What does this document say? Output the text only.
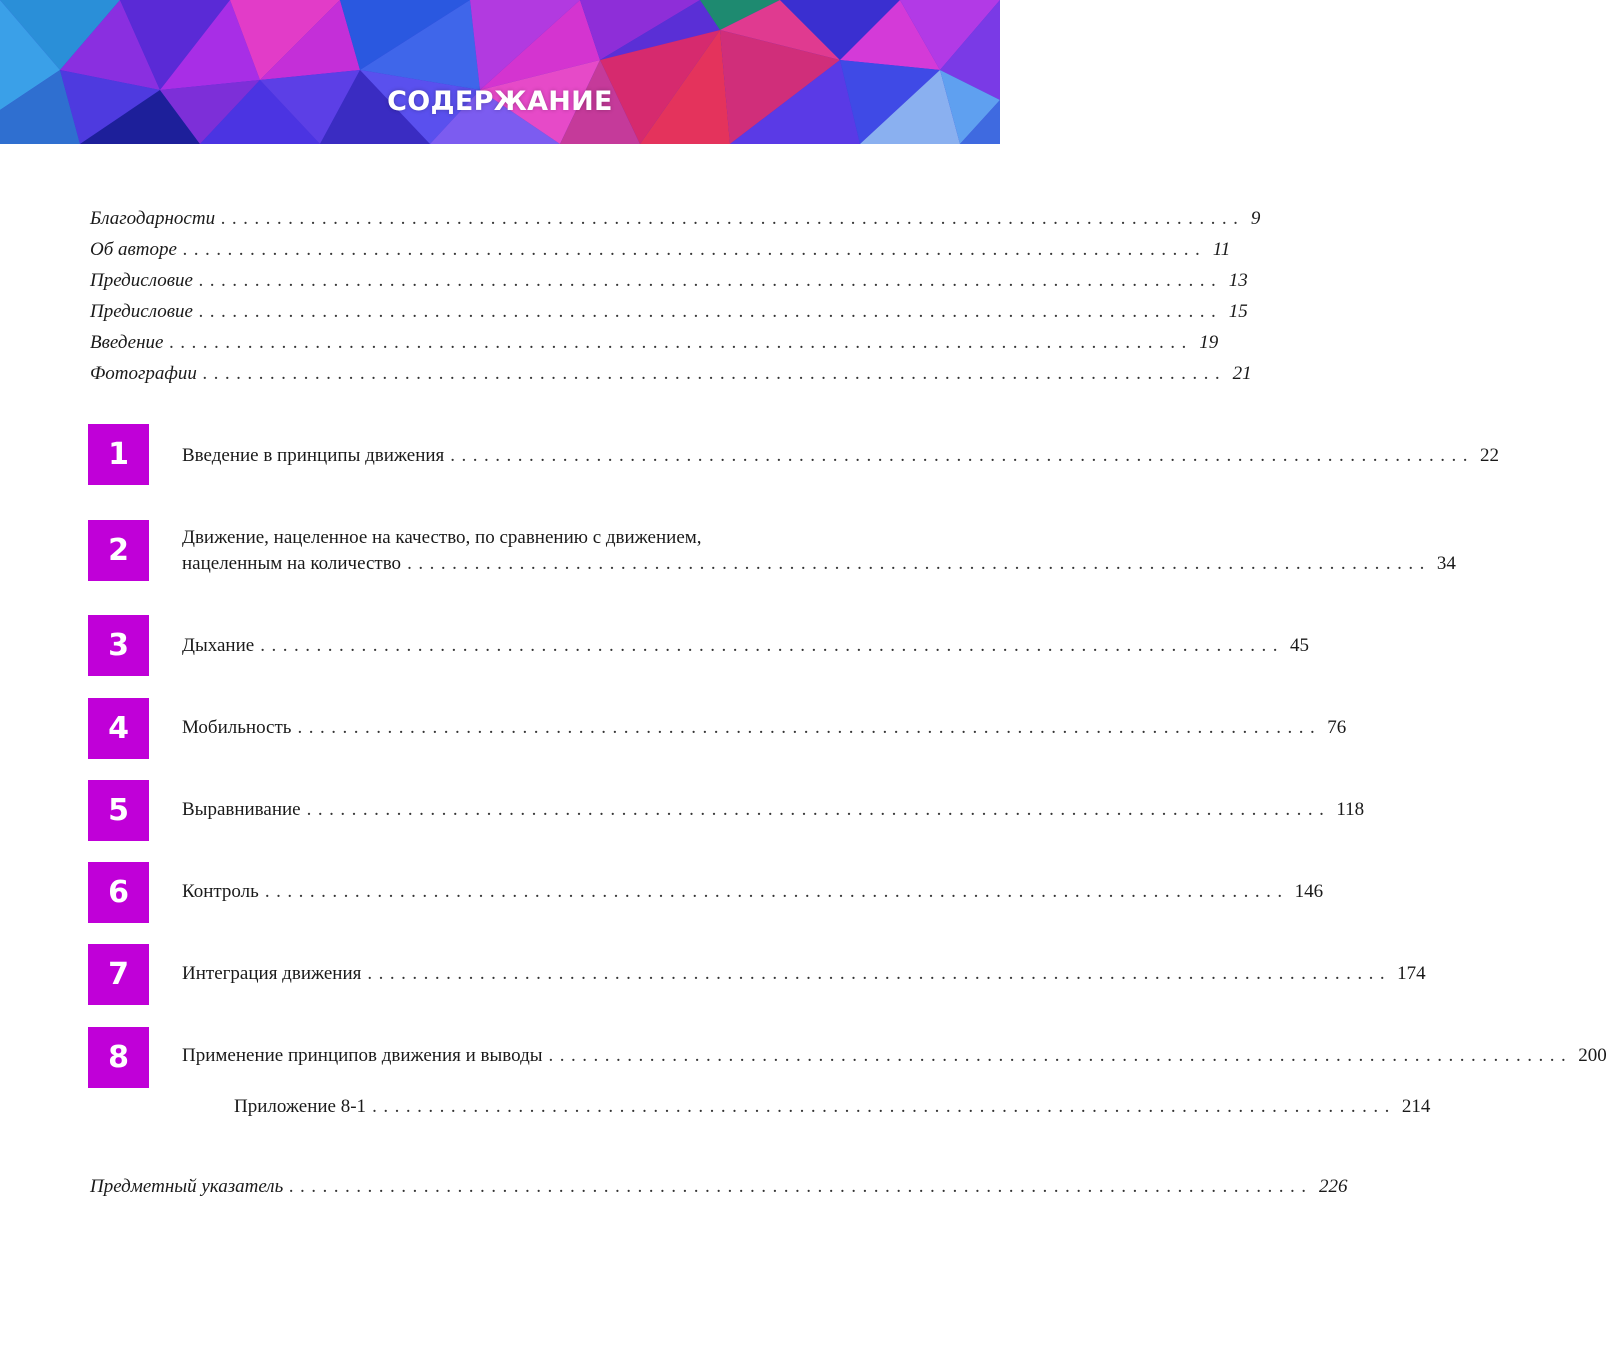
СОДЕРЖАНИЕ
Благодарности ........................................................................................... 9
Об авторе ........................................................................................... 11
Предисловие ........................................................................................... 13
Предисловие ........................................................................................... 15
Введение ........................................................................................... 19
Фотографии ........................................................................................... 21
1	Введение в принципы движения ........................................................................................... 22
2	Движение, нацеленное на качество, по сравнению с движением,
нацеленным на количество ........................................................................................... 34
3	Дыхание ........................................................................................... 45
4	Мобильность ........................................................................................... 76
5	Выравнивание ........................................................................................... 118
6	Контроль ........................................................................................... 146
7	Интеграция движения ........................................................................................... 174
8	Применение принципов движения и выводы ........................................................................................... 200
Приложение 8-1 ........................................................................................... 214
Предметный указатель ........................................................................................... 226
